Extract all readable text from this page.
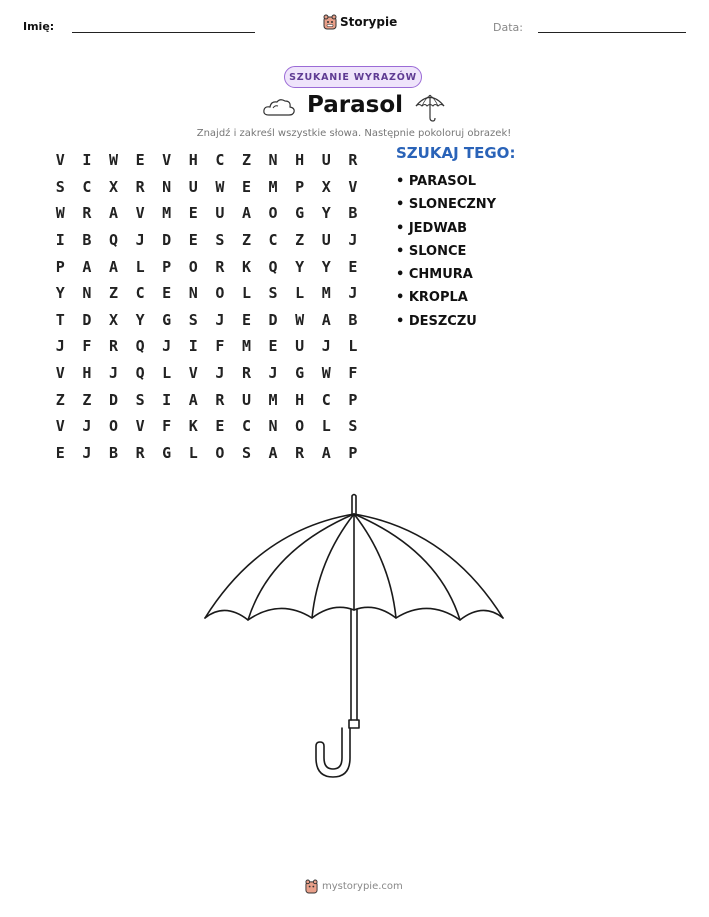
Imię:	Storypie	Data:
SZUKANIE WYRAZÓW
Parasol
Znajdź i zakreśl wszystkie słowa. Następnie pokoloruj obrazek!
V	I	W	E	V	H	C	Z	N	H	U	R
S	C	X	R	N	U	W	E	M	P	X	V
W	R	A	V	M	E	U	A	O	G	Y	B
I	B	Q	J	D	E	S	Z	C	Z	U	J
P	A	A	L	P	O	R	K	Q	Y	Y	E
Y	N	Z	C	E	N	O	L	S	L	M	J
T	D	X	Y	G	S	J	E	D	W	A	B
J	F	R	Q	J	I	F	M	E	U	J	L
V	H	J	Q	L	V	J	R	J	G	W	F
Z	Z	D	S	I	A	R	U	M	H	C	P
V	J	O	V	F	K	E	C	N	O	L	S
E	J	B	R	G	L	O	S	A	R	A	P
SZUKAJ TEGO:
• PARASOL
• SLONECZNY
• JEDWAB
• SLONCE
• CHMURA
• KROPLA
• DESZCZU
mystorypie.com
